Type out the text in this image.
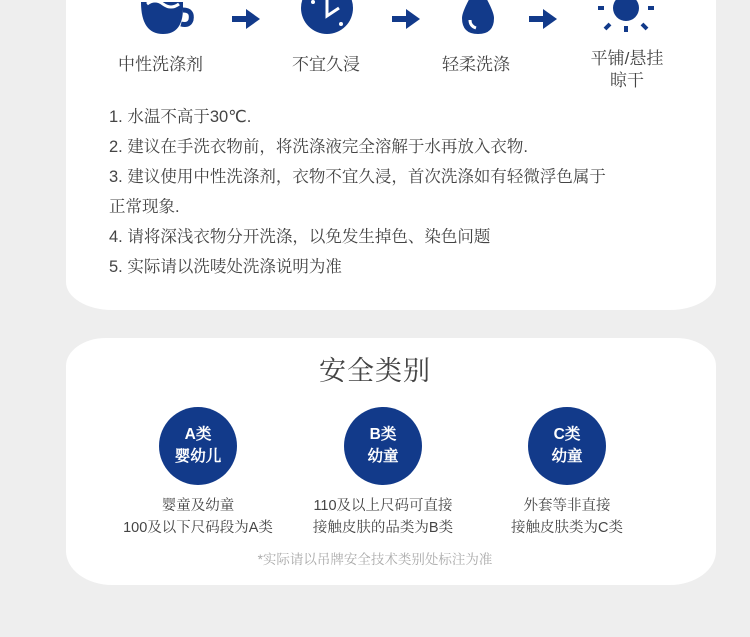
中性洗涤剂	不宜久浸	轻柔洗涤	平铺/悬挂
晾干
1. 水温不高于30℃.
2. 建议在手洗衣物前，将洗涤液完全溶解于水再放入衣物.
3. 建议使用中性洗涤剂，衣物不宜久浸，首次洗涤如有轻微浮色属于
正常现象.
4. 请将深浅衣物分开洗涤，以免发生掉色、染色问题
5. 实际请以洗唛处洗涤说明为准
安全类别
A类
婴幼儿
B类
幼童
C类
幼童
婴童及幼童
100及以下尺码段为A类
110及以上尺码可直接
接触皮肤的品类为B类
外套等非直接
接触皮肤类为C类
*实际请以吊牌安全技术类别处标注为准
